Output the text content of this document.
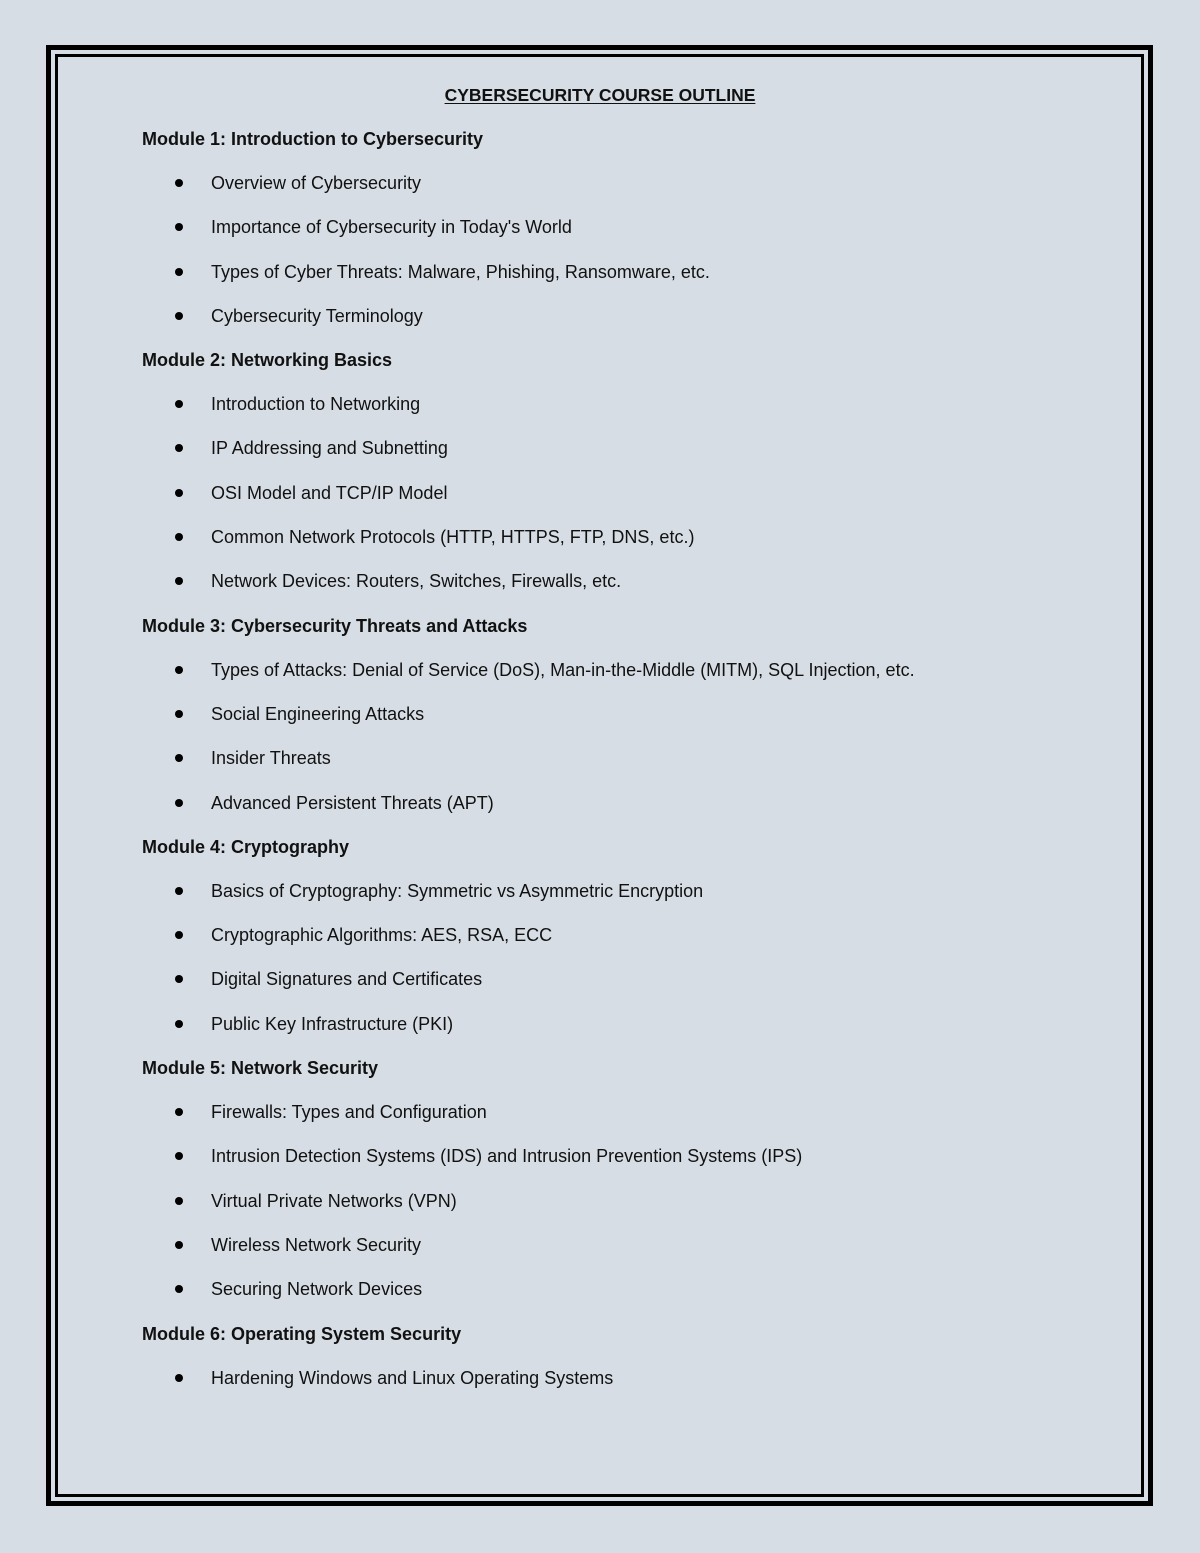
CYBERSECURITY COURSE OUTLINE
Module 1: Introduction to Cybersecurity
Overview of Cybersecurity
Importance of Cybersecurity in Today's World
Types of Cyber Threats: Malware, Phishing, Ransomware, etc.
Cybersecurity Terminology
Module 2: Networking Basics
Introduction to Networking
IP Addressing and Subnetting
OSI Model and TCP/IP Model
Common Network Protocols (HTTP, HTTPS, FTP, DNS, etc.)
Network Devices: Routers, Switches, Firewalls, etc.
Module 3: Cybersecurity Threats and Attacks
Types of Attacks: Denial of Service (DoS), Man-in-the-Middle (MITM), SQL Injection, etc.
Social Engineering Attacks
Insider Threats
Advanced Persistent Threats (APT)
Module 4: Cryptography
Basics of Cryptography: Symmetric vs Asymmetric Encryption
Cryptographic Algorithms: AES, RSA, ECC
Digital Signatures and Certificates
Public Key Infrastructure (PKI)
Module 5: Network Security
Firewalls: Types and Configuration
Intrusion Detection Systems (IDS) and Intrusion Prevention Systems (IPS)
Virtual Private Networks (VPN)
Wireless Network Security
Securing Network Devices
Module 6: Operating System Security
Hardening Windows and Linux Operating Systems
